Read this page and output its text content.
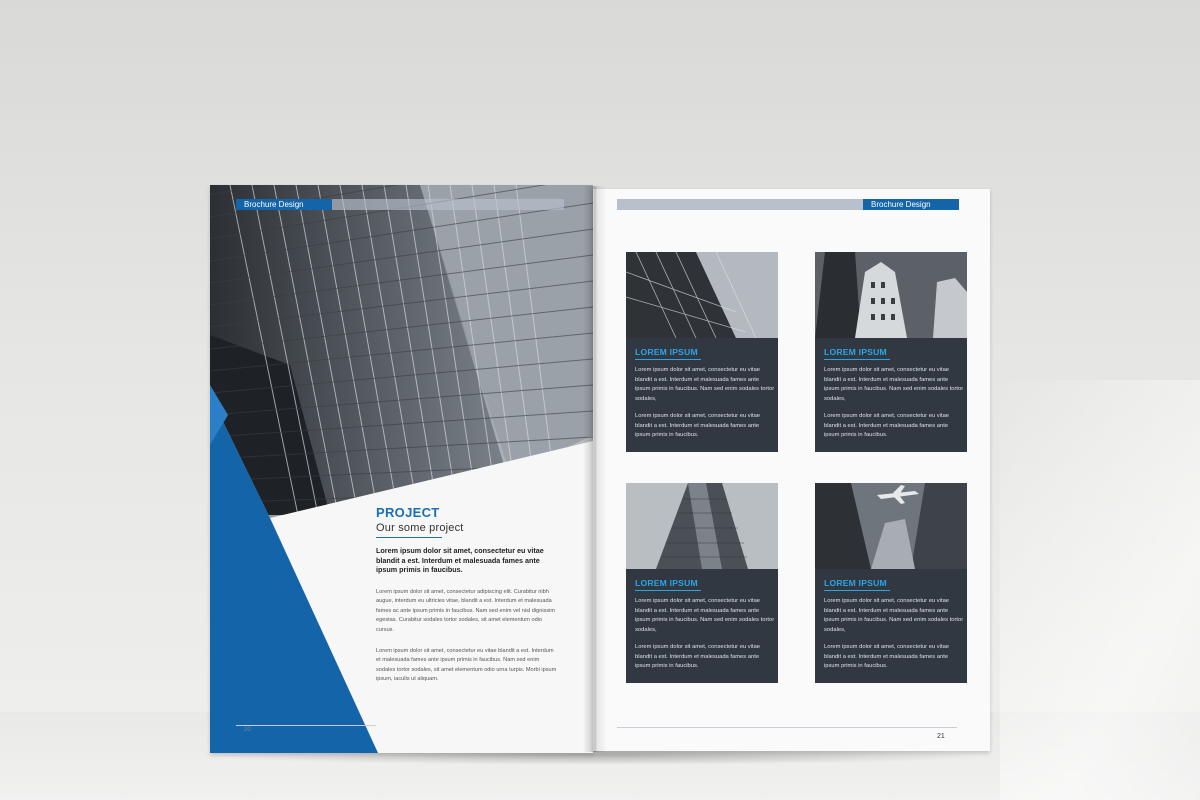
Brochure Design
PROJECT
Our some project
Lorem ipsum dolor sit amet, consectetur eu vitae blandit a est. Interdum et malesuada fames ante ipsum primis in faucibus.
Lorem ipsum dolor sit amet, consectetur adipiscing elit. Curabitur nibh augue, interdum eu ultricies vitae, blandit a est. Interdum et malesuada fames ac ante ipsum primis in faucibus. Nam sed enim vel nisl dignissim egestas. Curabitur sodales tortor sodales, sit amet elementum odio cursus.
Lorem ipsum dolor sit amet, consectetur eu vitae blandit a est. Interdum et malesuada fames ante ipsum primis in faucibus. Nam sed enim sodales tortor sodales, sit amet elementum odio urna turpis. Morbi ipsum ipsum, iaculis ut aliquam.
20
Brochure Design
LOREM IPSUM
Lorem ipsum dolor sit amet, consectetur eu vitae blandit a est. Interdum et malesuada fames ante ipsum primis in faucibus. Nam sed enim sodales tortor sodales,
Lorem ipsum dolor sit amet, consectetur eu vitae blandit a est. Interdum et malesuada fames ante ipsum primis in faucibus.
LOREM IPSUM
Lorem ipsum dolor sit amet, consectetur eu vitae blandit a est. Interdum et malesuada fames ante ipsum primis in faucibus. Nam sed enim sodales tortor sodales,
Lorem ipsum dolor sit amet, consectetur eu vitae blandit a est. Interdum et malesuada fames ante ipsum primis in faucibus.
LOREM IPSUM
Lorem ipsum dolor sit amet, consectetur eu vitae blandit a est. Interdum et malesuada fames ante ipsum primis in faucibus. Nam sed enim sodales tortor sodales,
Lorem ipsum dolor sit amet, consectetur eu vitae blandit a est. Interdum et malesuada fames ante ipsum primis in faucibus.
LOREM IPSUM
Lorem ipsum dolor sit amet, consectetur eu vitae blandit a est. Interdum et malesuada fames ante ipsum primis in faucibus. Nam sed enim sodales tortor sodales,
Lorem ipsum dolor sit amet, consectetur eu vitae blandit a est. Interdum et malesuada fames ante ipsum primis in faucibus.
21
